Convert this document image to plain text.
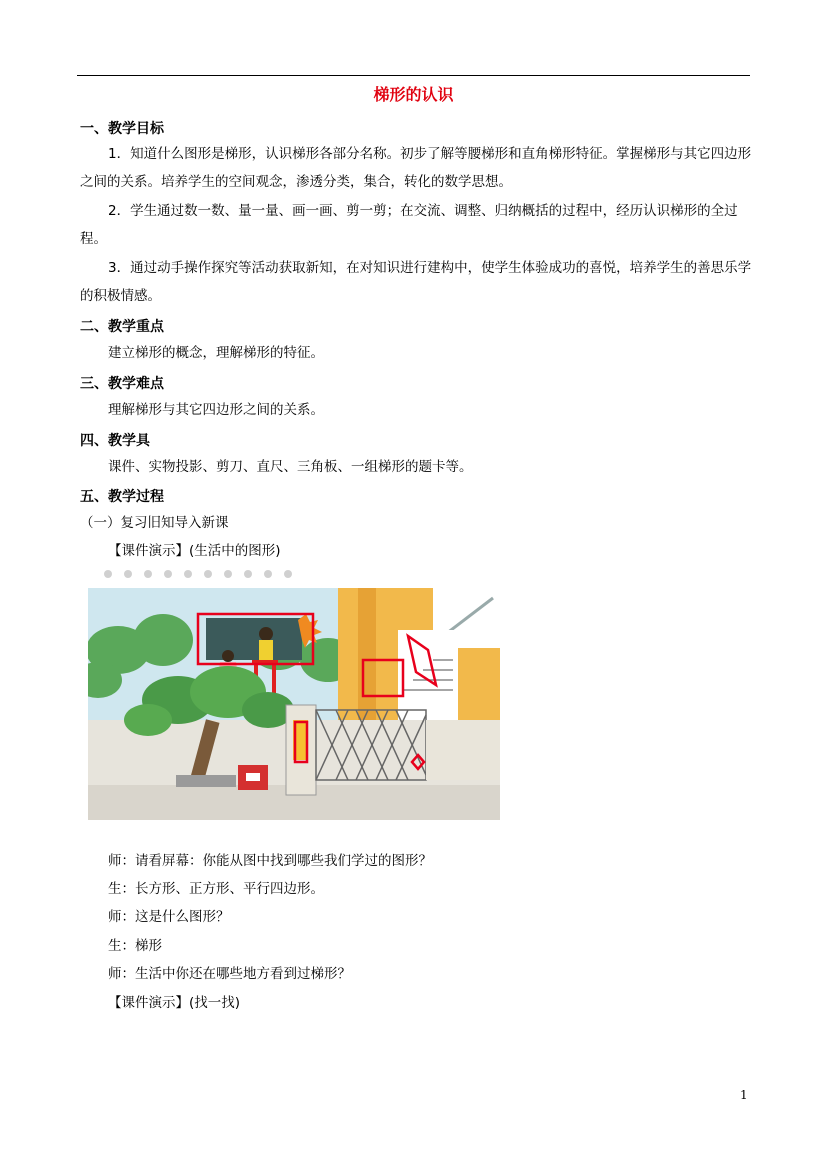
梯形的认识
一、教学目标
1．知道什么图形是梯形，认识梯形各部分名称。初步了解等腰梯形和直角梯形特征。掌握梯形与其它四边形之间的关系。培养学生的空间观念，渗透分类，集合，转化的数学思想。
2．学生通过数一数、量一量、画一画、剪一剪；在交流、调整、归纳概括的过程中，经历认识梯形的全过程。
3．通过动手操作探究等活动获取新知，在对知识进行建构中，使学生体验成功的喜悦，培养学生的善思乐学的积极情感。
二、教学重点
建立梯形的概念，理解梯形的特征。
三、教学难点
理解梯形与其它四边形之间的关系。
四、教学具
课件、实物投影、剪刀、直尺、三角板、一组梯形的题卡等。
五、教学过程
（一）复习旧知导入新课
【课件演示】(生活中的图形)
师：请看屏幕：你能从图中找到哪些我们学过的图形？
生：长方形、正方形、平行四边形。
师：这是什么图形？
生：梯形
师：生活中你还在哪些地方看到过梯形？
【课件演示】(找一找)
1
